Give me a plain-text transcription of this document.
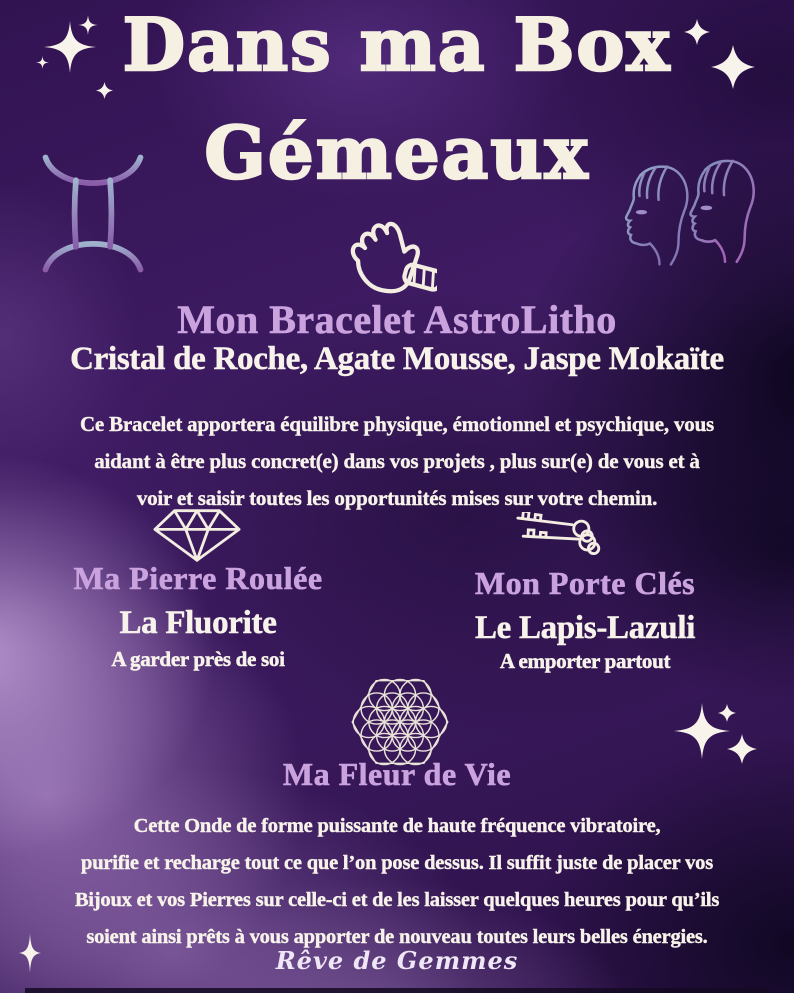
Dans ma Box
Gémeaux
Mon Bracelet AstroLitho
Cristal de Roche, Agate Mousse, Jaspe Mokaïte
Ce Bracelet apportera équilibre physique, émotionnel et psychique, vous
aidant à être plus concret(e) dans vos projets , plus sur(e) de vous et à
voir et saisir toutes les opportunités mises sur votre chemin.
Ma Pierre Roulée
La Fluorite
A garder près de soi
Mon Porte Clés
Le Lapis-Lazuli
A emporter partout
Ma Fleur de Vie
Cette Onde de forme puissante de haute fréquence vibratoire,
purifie et recharge tout ce que l’on pose dessus. Il suffit juste de placer vos
Bijoux et vos Pierres sur celle-ci et de les laisser quelques heures pour qu’ils
soient ainsi prêts à vous apporter de nouveau toutes leurs belles énergies.
Rêve de Gemmes
